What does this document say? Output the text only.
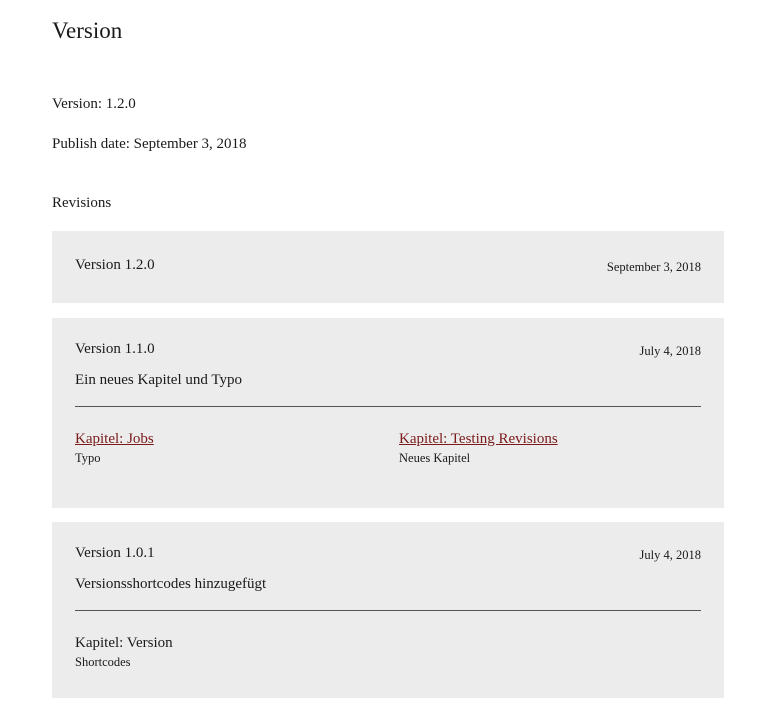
Version

Version: 1.2.0

Publish date: September 3, 2018

Revisions

Version 1.2.0	September 3, 2018
Version 1.1.0	July 4, 2018
Ein neues Kapitel und Typo
Kapitel: Jobs
Typo
Kapitel: Testing Revisions
Neues Kapitel
Version 1.0.1	July 4, 2018
Versionsshortcodes hinzugefügt
Kapitel: Version
Shortcodes
